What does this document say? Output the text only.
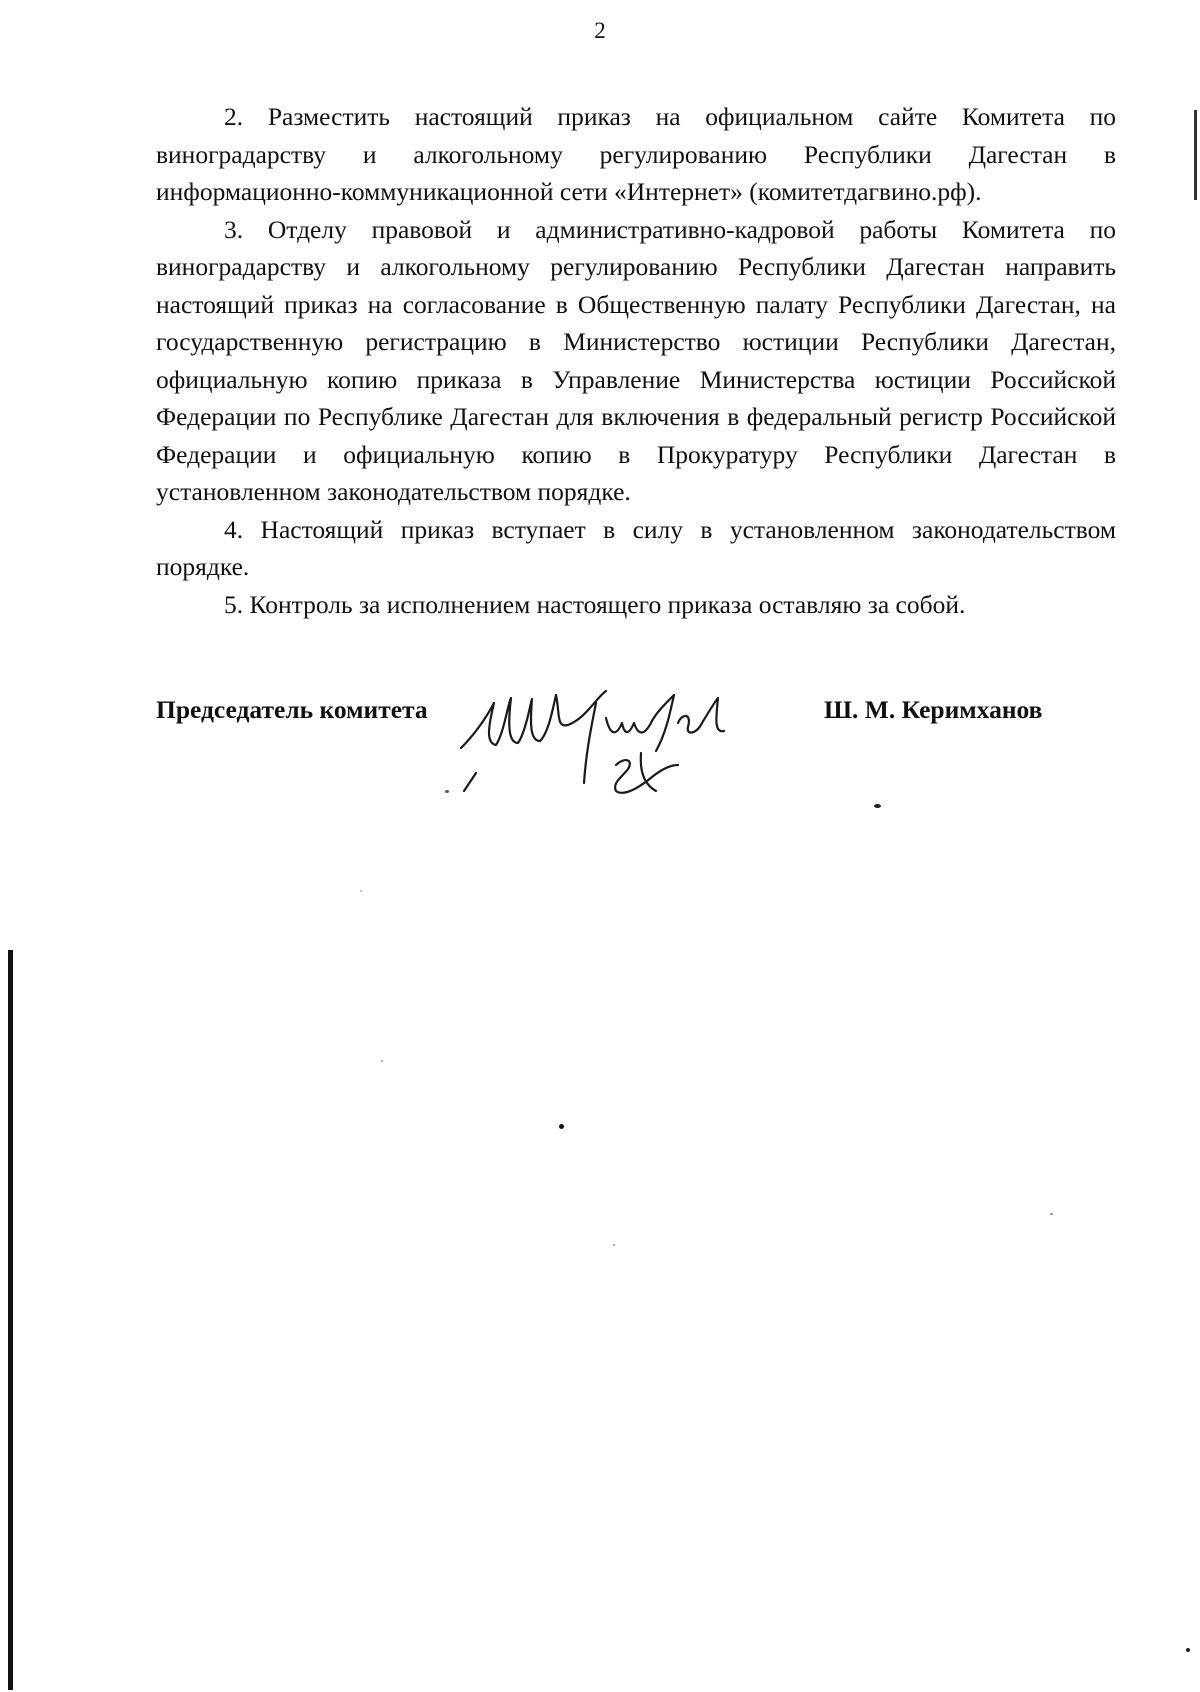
2

2. Разместить настоящий приказ на официальном сайте Комитета по виноградарству и алкогольному регулированию Республики Дагестан в информационно-коммуникационной сети «Интернет» (комитетдагвино.рф).

3. Отделу правовой и административно-кадровой работы Комитета по виноградарству и алкогольному регулированию Республики Дагестан направить настоящий приказ на согласование в Общественную палату Республики Дагестан, на государственную регистрацию в Министерство юстиции Республики Дагестан, официальную копию приказа в Управление Министерства юстиции Российской Федерации по Республике Дагестан для включения в федеральный регистр Российской Федерации и официальную копию в Прокуратуру Республики Дагестан в установленном законодательством порядке.

4. Настоящий приказ вступает в силу в установленном законодательством порядке.

5. Контроль за исполнением настоящего приказа оставляю за собой.

Председатель комитета	Ш. М. Керимханов
